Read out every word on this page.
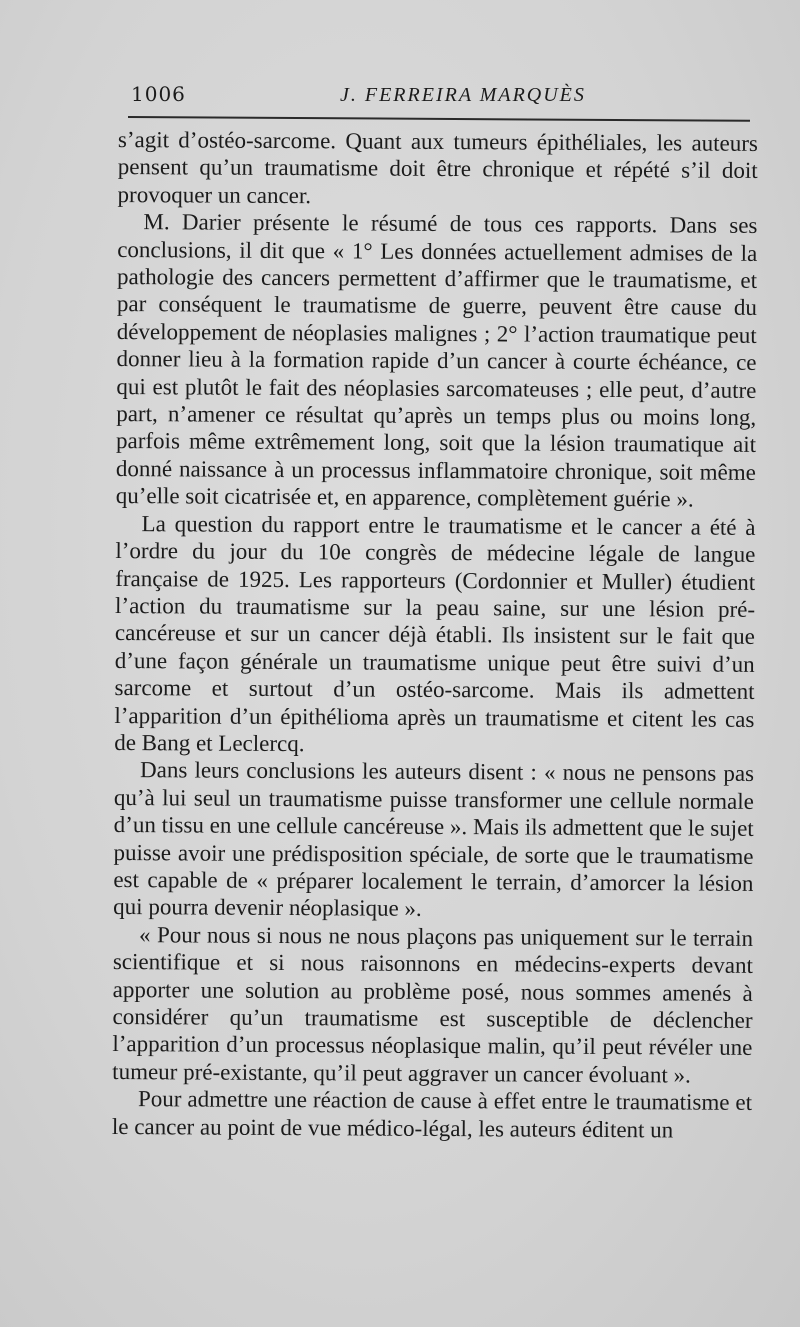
1006	J. FERREIRA MARQUÈS

s’agit d’ostéo-sarcome. Quant aux tumeurs épithéliales, les auteurs pensent qu’un traumatisme doit être chronique et répété s’il doit provoquer un cancer.

M. Darier présente le résumé de tous ces rapports. Dans ses conclusions, il dit que « 1° Les données actuellement admises de la pathologie des cancers permettent d’affirmer que le traumatisme, et par conséquent le traumatisme de guerre, peuvent être cause du développement de néoplasies malignes ; 2° l’action traumatique peut donner lieu à la formation rapide d’un cancer à courte échéance, ce qui est plutôt le fait des néoplasies sarcomateuses ; elle peut, d’autre part, n’amener ce résultat qu’après un temps plus ou moins long, parfois même extrêmement long, soit que la lésion traumatique ait donné naissance à un processus inflammatoire chronique, soit même qu’elle soit cicatrisée et, en apparence, complètement guérie ».

La question du rapport entre le traumatisme et le cancer a été à l’ordre du jour du 10e congrès de médecine légale de langue française de 1925. Les rapporteurs (Cordonnier et Muller) étudient l’action du traumatisme sur la peau saine, sur une lésion pré-cancéreuse et sur un cancer déjà établi. Ils insistent sur le fait que d’une façon générale un traumatisme unique peut être suivi d’un sarcome et surtout d’un ostéo-sarcome. Mais ils admettent l’apparition d’un épithélioma après un traumatisme et citent les cas de Bang et Leclercq.

Dans leurs conclusions les auteurs disent : « nous ne pensons pas qu’à lui seul un traumatisme puisse transformer une cellule normale d’un tissu en une cellule cancéreuse ». Mais ils admettent que le sujet puisse avoir une prédisposition spéciale, de sorte que le traumatisme est capable de « préparer localement le terrain, d’amorcer la lésion qui pourra devenir néoplasique ».

« Pour nous si nous ne nous plaçons pas uniquement sur le terrain scientifique et si nous raisonnons en médecins-experts devant apporter une solution au problème posé, nous sommes amenés à considérer qu’un traumatisme est susceptible de déclencher l’apparition d’un processus néoplasique malin, qu’il peut révéler une tumeur pré-existante, qu’il peut aggraver un cancer évoluant ».

Pour admettre une réaction de cause à effet entre le traumatisme et le cancer au point de vue médico-légal, les auteurs éditent un
